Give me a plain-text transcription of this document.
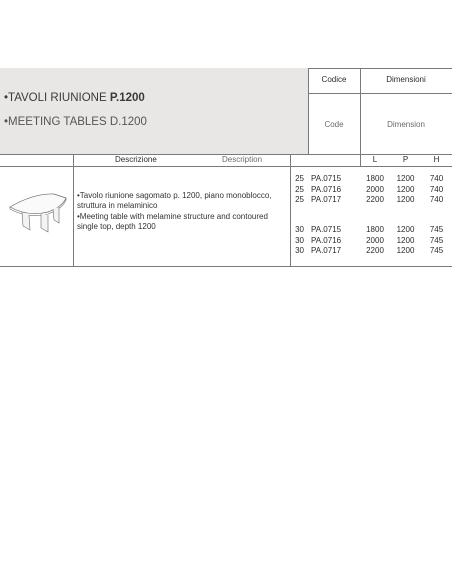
•TAVOLI RIUNIONE P.1200
•MEETING TABLES D.1200
Codice	Dimensioni
Code	Dimension
Descrizione	Description	L	P	H
•Tavolo riunione sagomato p. 1200, piano monoblocco, struttura in melaminico
•Meeting table with melamine structure and contoured single top, depth 1200
25 PA.0715	1800	1200	740
25 PA.0716	2000	1200	740
25 PA.0717	2200	1200	740
30 PA.0715	1800	1200	745
30 PA.0716	2000	1200	745
30 PA.0717	2200	1200	745
